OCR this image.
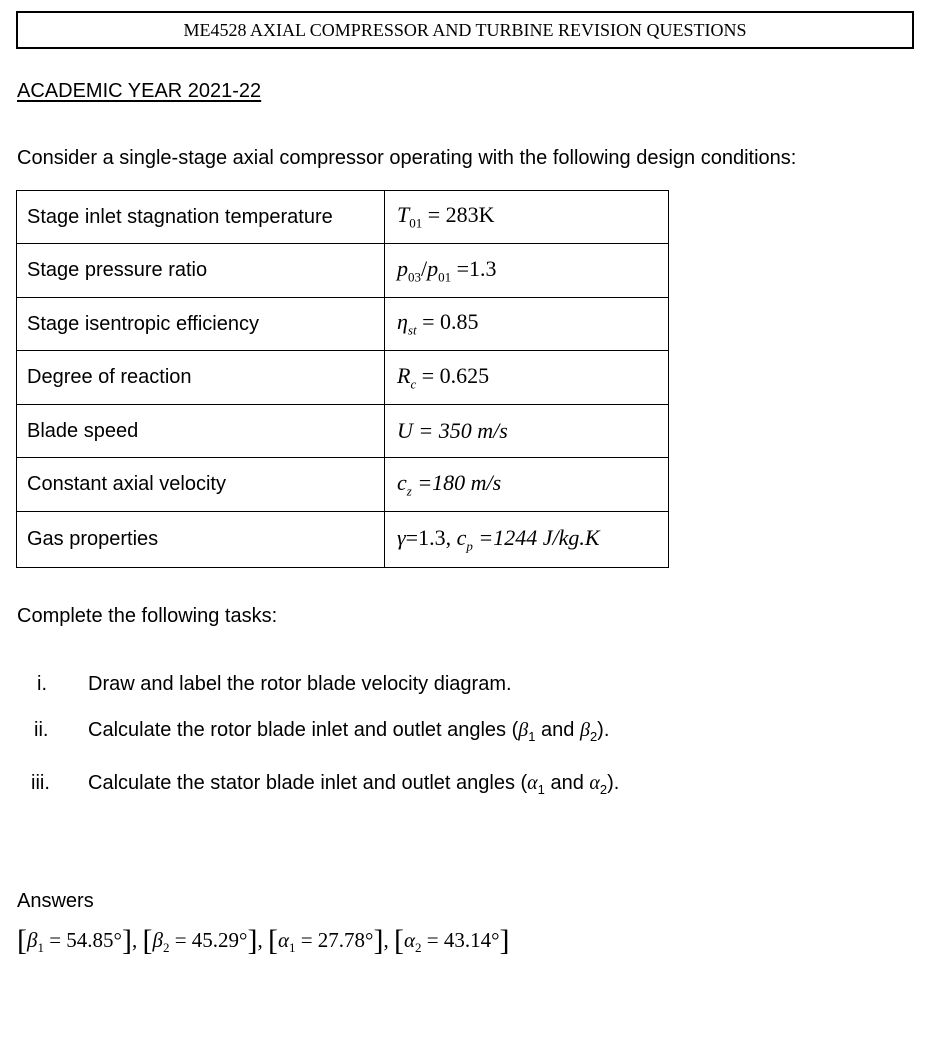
ME4528 AXIAL COMPRESSOR AND TURBINE REVISION QUESTIONS
ACADEMIC YEAR 2021-22
Consider a single-stage axial compressor operating with the following design conditions:
Stage inlet stagnation temperature	$T_{01} = 283K$
Stage pressure ratio	$p_{03}/p_{01} =1.3$
Stage isentropic efficiency	$\eta_{st} = 0.85$
Degree of reaction	$R_c = 0.625$
Blade speed	U = 350 m/s
Constant axial velocity	$c_z =180$ m/s
Gas properties	γ=1.3, $c_p =1244$ J/kg.K
Complete the following tasks:
i. Draw and label the rotor blade velocity diagram.
ii. Calculate the rotor blade inlet and outlet angles ($\beta_1$ and $\beta_2$).
iii. Calculate the stator blade inlet and outlet angles ($\alpha_1$ and $\alpha_2$).
Answers
$[\beta_1 = 54.85^\circ]$, $[\beta_2 = 45.29^\circ]$, $[\alpha_1 = 27.78^\circ]$, $[\alpha_2 = 43.14^\circ]$
